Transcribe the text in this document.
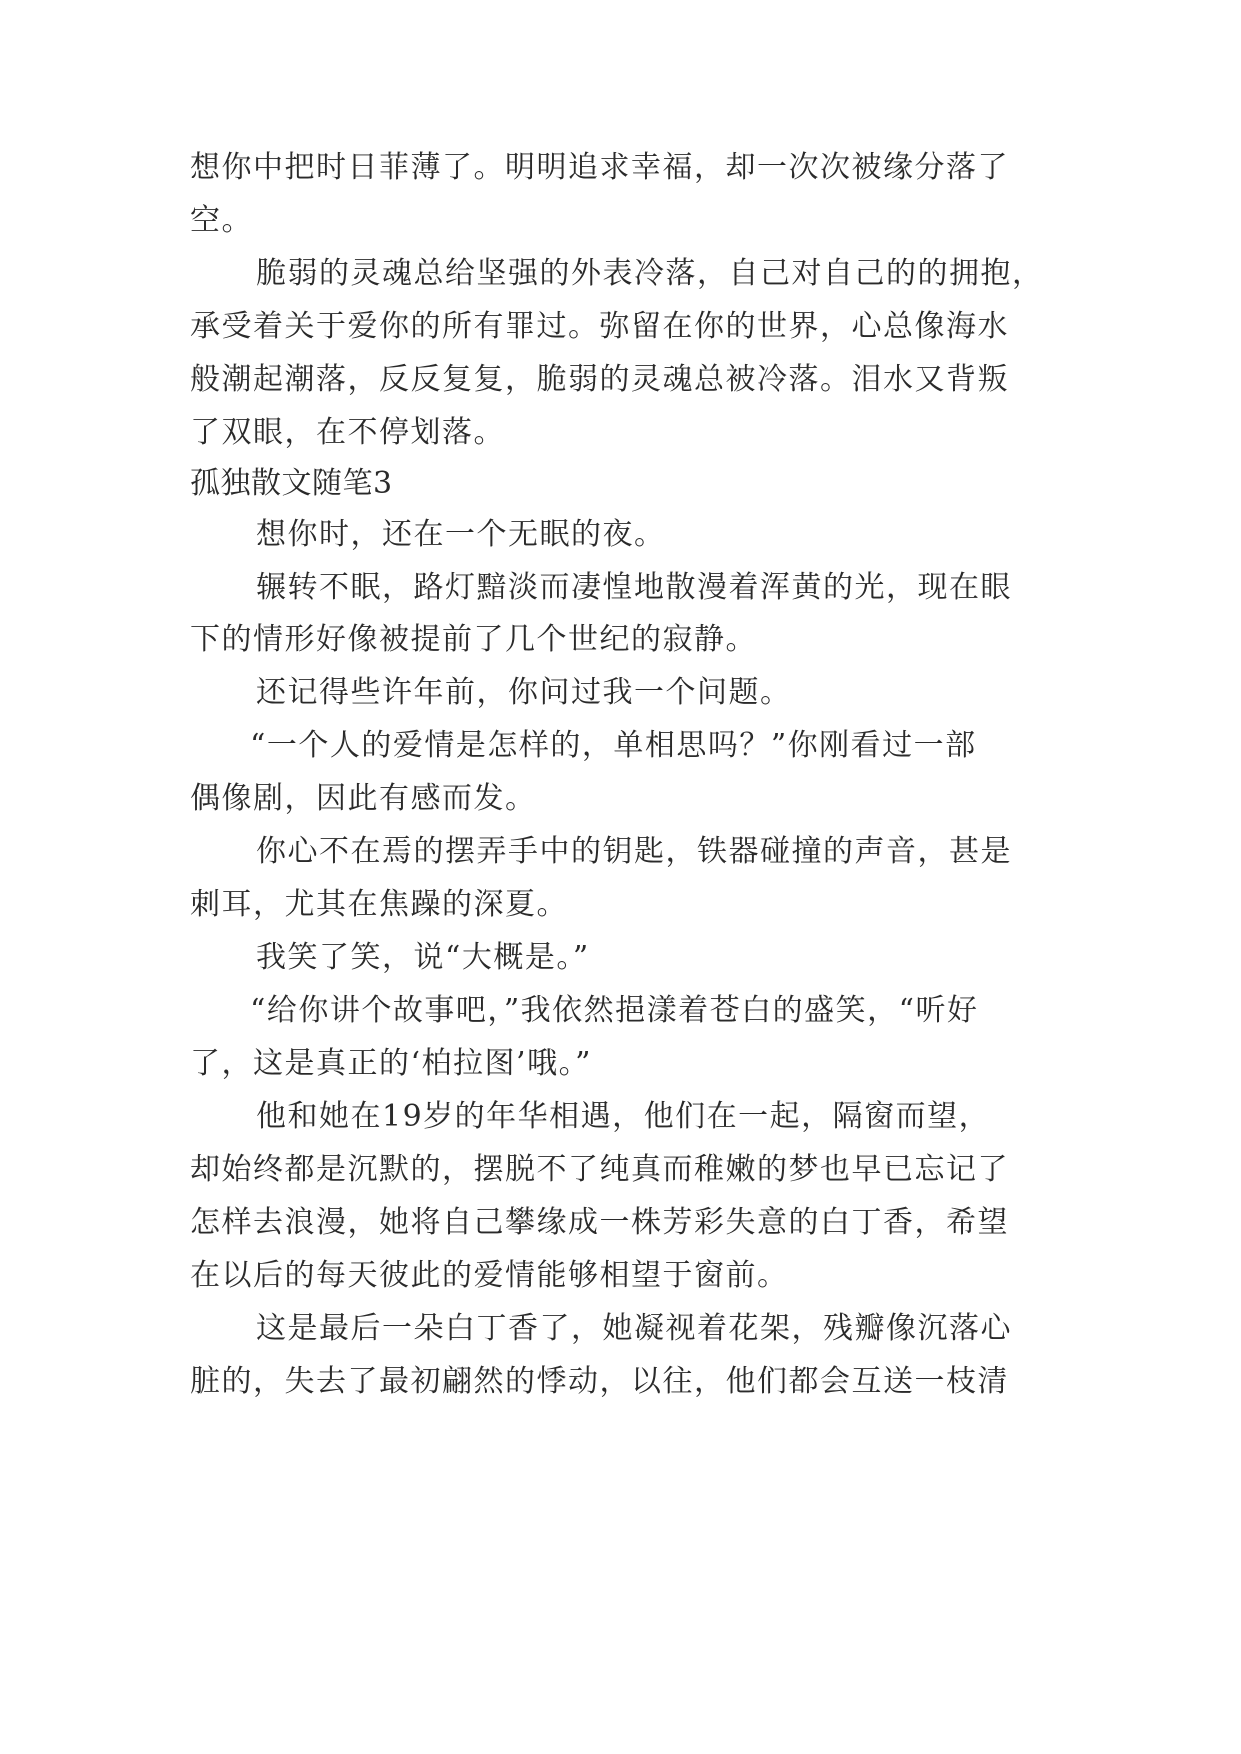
想你中把时日菲薄了。明明追求幸福，却一次次被缘分落了

空。

脆弱的灵魂总给坚强的外表冷落，自己对自己的的拥抱，

承受着关于爱你的所有罪过。弥留在你的世界，心总像海水

般潮起潮落，反反复复，脆弱的灵魂总被冷落。泪水又背叛

了双眼，在不停划落。

孤独散文随笔3

想你时，还在一个无眠的夜。

辗转不眠，路灯黯淡而凄惶地散漫着浑黄的光，现在眼

下的情形好像被提前了几个世纪的寂静。

还记得些许年前，你问过我一个问题。

“一个人的爱情是怎样的，单相思吗？”你刚看过一部

偶像剧，因此有感而发。

你心不在焉的摆弄手中的钥匙，铁器碰撞的声音，甚是

刺耳，尤其在焦躁的深夏。

我笑了笑，说“大概是。”

“给你讲个故事吧，”我依然挹漾着苍白的盛笑，“听好

了，这是真正的‘柏拉图’哦。”

他和她在19岁的年华相遇，他们在一起，隔窗而望，

却始终都是沉默的，摆脱不了纯真而稚嫩的梦也早已忘记了

怎样去浪漫，她将自己攀缘成一株芳彩失意的白丁香，希望

在以后的每天彼此的爱情能够相望于窗前。

这是最后一朵白丁香了，她凝视着花架，残瓣像沉落心

脏的，失去了最初翩然的悸动，以往，他们都会互送一枝清
